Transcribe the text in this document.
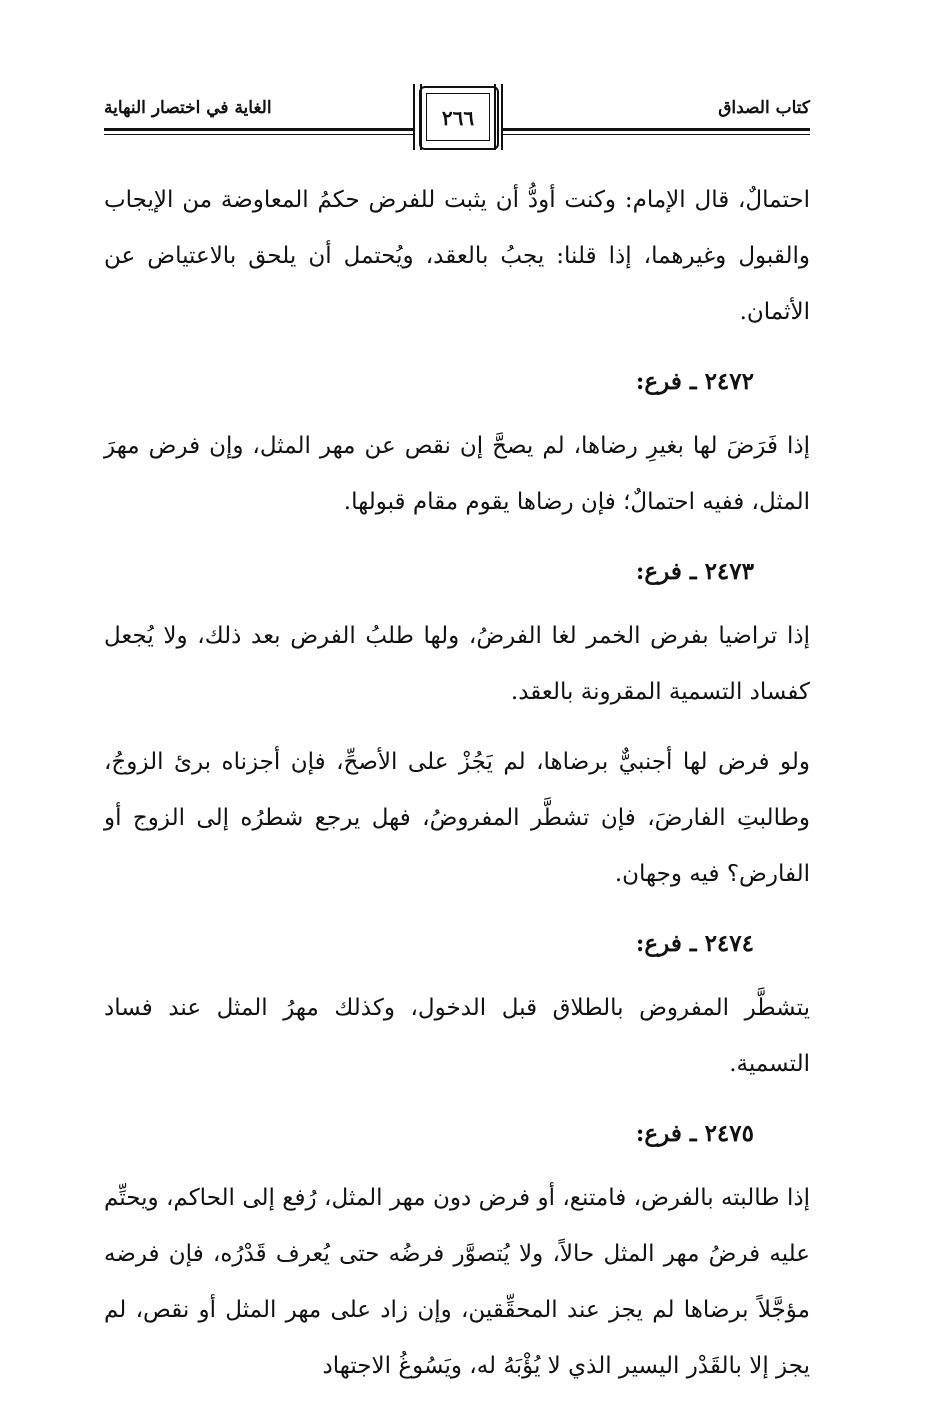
كتاب الصداق
الغاية في اختصار النهاية	٢٦٦

احتمالٌ، قال الإمام: وكنت أودُّ أن يثبت للفرض حكمُ المعاوضة من الإيجاب والقبول وغيرهما، إذا قلنا: يجبُ بالعقد، ويُحتمل أن يلحق بالاعتياض عن الأثمان.

٢٤٧٢ ـ فرع:

إذا فَرَضَ لها بغيرِ رضاها، لم يصحَّ إن نقص عن مهر المثل، وإن فرض مهرَ المثل، ففيه احتمالٌ؛ فإن رضاها يقوم مقام قبولها.

٢٤٧٣ ـ فرع:

إذا تراضيا بفرض الخمر لغا الفرضُ، ولها طلبُ الفرض بعد ذلك، ولا يُجعل كفساد التسمية المقرونة بالعقد.

ولو فرض لها أجنبيٌّ برضاها، لم يَجُزْ على الأصحِّ، فإن أجزناه برئ الزوجُ، وطالبتِ الفارضَ، فإن تشطَّر المفروضُ، فهل يرجع شطرُه إلى الزوج أو الفارض؟ فيه وجهان.

٢٤٧٤ ـ فرع:

يتشطَّر المفروض بالطلاق قبل الدخول، وكذلك مهرُ المثل عند فساد التسمية.

٢٤٧٥ ـ فرع:

إذا طالبته بالفرض، فامتنع، أو فرض دون مهر المثل، رُفع إلى الحاكم، ويحتِّم عليه فرضُ مهر المثل حالاً، ولا يُتصوَّر فرضُه حتى يُعرف قَدْرُه، فإن فرضه مؤجَّلاً برضاها لم يجز عند المحقِّقين، وإن زاد على مهر المثل أو نقص، لم يجز إلا بالقَدْر اليسير الذي لا يُؤْبَهُ له، ويَسُوغُ الاجتهاد
